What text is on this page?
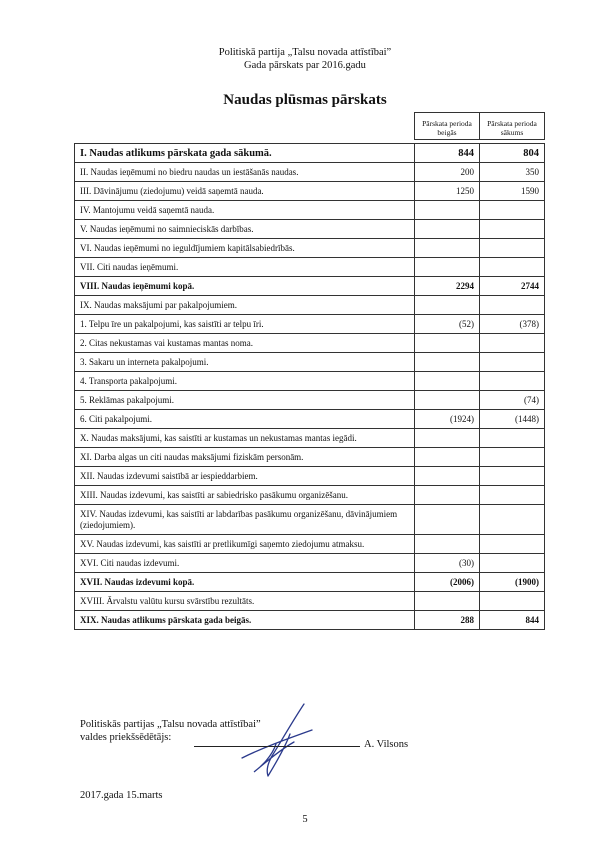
Politiskā partija „Talsu novada attīstībai”
Gada pārskats par 2016.gadu
Naudas plūsmas pārskats
	Pārskata perioda beigās	Pārskata perioda sākums

I. Naudas atlikums pārskata gada sākumā.	844	804
II. Naudas ieņēmumi no biedru naudas un iestāšanās naudas.	200	350
III. Dāvinājumu (ziedojumu) veidā saņemtā nauda.	1250	1590
IV. Mantojumu veidā saņemtā nauda.		
V. Naudas ieņēmumi no saimnieciskās darbības.		
VI. Naudas ieņēmumi no ieguldījumiem kapitālsabiedrībās.		
VII. Citi naudas ieņēmumi.		
VIII. Naudas ieņēmumi kopā.	2294	2744
IX. Naudas maksājumi par pakalpojumiem.		
1. Telpu īre un pakalpojumi, kas saistīti ar telpu īri.	(52)	(378)
2. Citas nekustamas vai kustamas mantas noma.		
3. Sakaru un interneta pakalpojumi.		
4. Transporta pakalpojumi.		
5. Reklāmas pakalpojumi.		(74)
6. Citi pakalpojumi.	(1924)	(1448)
X. Naudas maksājumi, kas saistīti ar kustamas un nekustamas mantas iegādi.		
XI. Darba algas un citi naudas maksājumi fiziskām personām.		
XII. Naudas izdevumi saistībā ar iespieddarbiem.		
XIII. Naudas izdevumi, kas saistīti ar sabiedrisko pasākumu organizēšanu.		
XIV. Naudas izdevumi, kas saistīti ar labdarības pasākumu organizēšanu, dāvinājumiem (ziedojumiem).		
XV. Naudas izdevumi, kas saistīti ar pretlikumīgi saņemto ziedojumu atmaksu.		
XVI. Citi naudas izdevumi.	(30)	
XVII. Naudas izdevumi kopā.	(2006)	(1900)
XVIII. Ārvalstu valūtu kursu svārstību rezultāts.		
XIX. Naudas atlikums pārskata gada beigās.	288	844
Politiskās partijas „Talsu novada attīstībai”
valdes priekšsēdētājs:
A. Vilsons
2017.gada 15.marts
5
